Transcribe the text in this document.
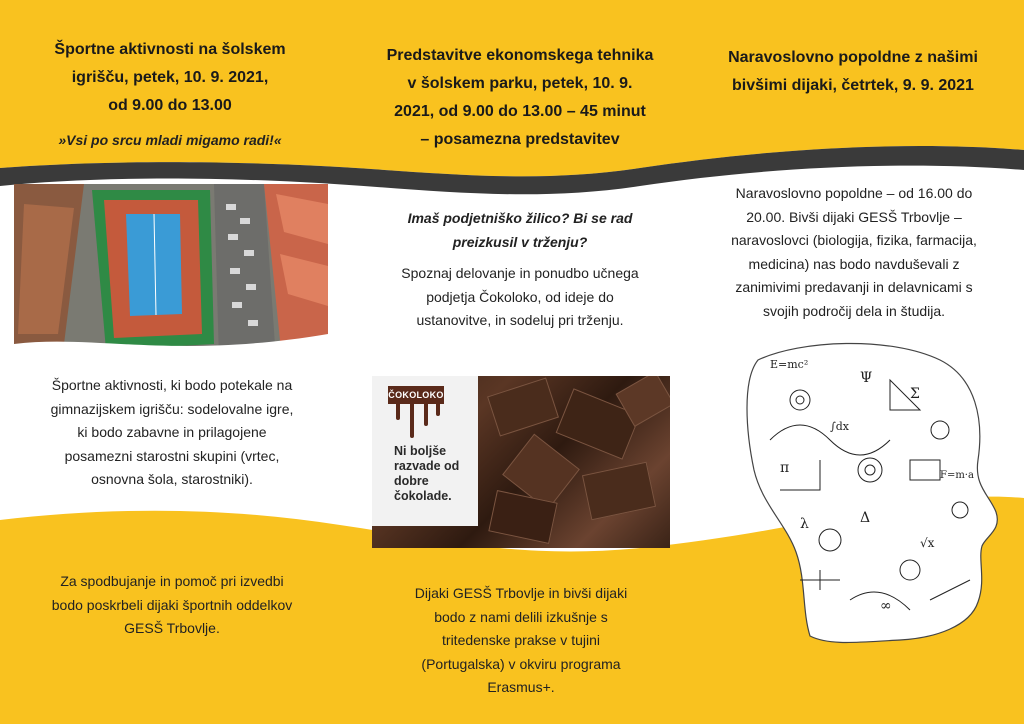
Športne aktivnosti na šolskem
igrišču, petek, 10. 9. 2021,
od 9.00 do 13.00
»Vsi po srcu mladi migamo radi!«
Športne aktivnosti, ki bodo potekale na
gimnazijskem igrišču: sodelovalne igre,
ki bodo zabavne in prilagojene
posamezni starostni skupini (vrtec,
osnovna šola, starostniki).
Za spodbujanje in pomoč pri izvedbi
bodo poskrbeli dijaki športnih oddelkov
GESŠ Trbovlje.
Predstavitve ekonomskega tehnika
v šolskem parku, petek, 10. 9.
2021, od 9.00 do 13.00 – 45 minut
– posamezna predstavitev
Imaš podjetniško žilico? Bi se rad
preizkusil v trženju?
Spoznaj delovanje in ponudbo učnega
podjetja Čokoloko, od ideje do
ustanovitve, in sodeluj pri trženju.
ČOKOLOKO
Ni boljše
razvade od
dobre
čokolade.
Dijaki GESŠ Trbovlje in bivši dijaki
bodo z nami delili izkušnje s
tritedenske prakse v tujini
(Portugalska) v okviru programa
Erasmus+.
Naravoslovno popoldne z našimi
bivšimi dijaki, četrtek, 9. 9. 2021
Naravoslovno popoldne – od 16.00 do
20.00. Bivši dijaki GESŠ Trbovlje –
naravoslovci (biologija, fizika, farmacija,
medicina) nas bodo navduševali z
zanimivimi predavanji in delavnicami s
svojih področij dela in študija.
E=mc²
Ψ
Σ
∫dx
π
√x
Δ
λ
∞
F=m·a
